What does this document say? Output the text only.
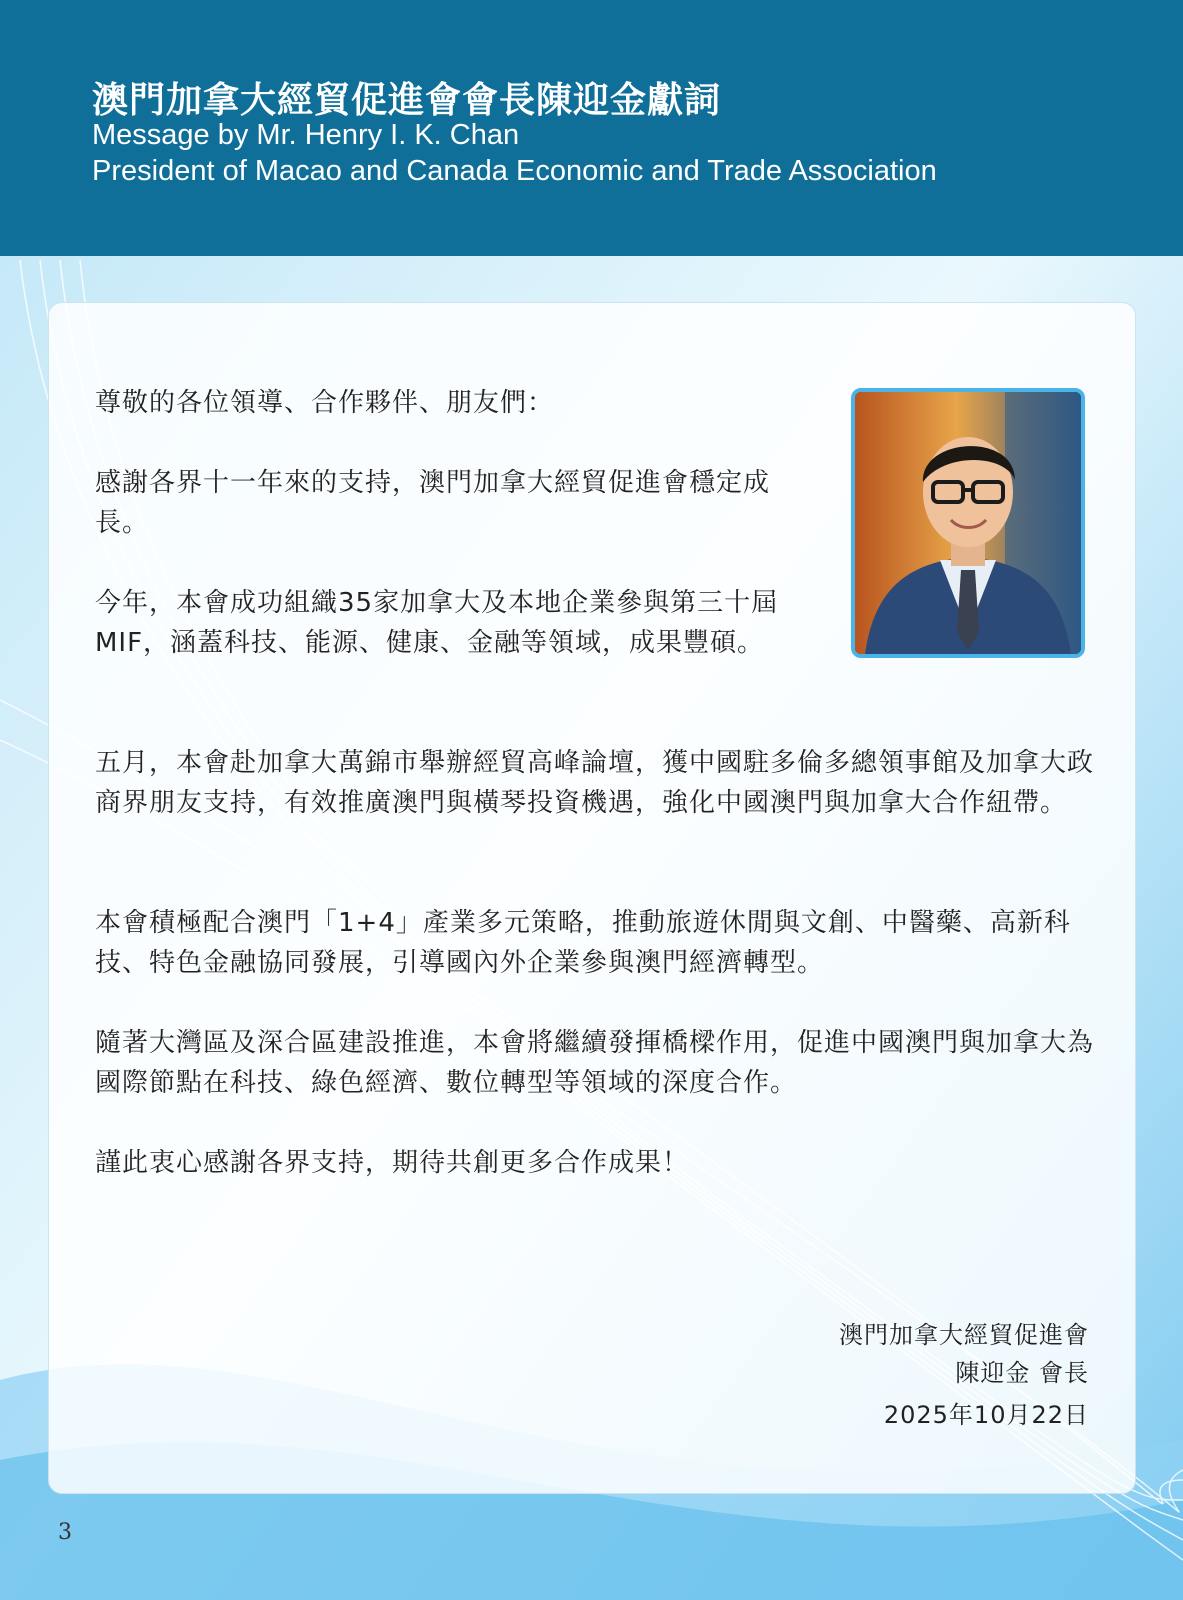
澳門加拿大經貿促進會會長陳迎金獻詞
Message by Mr. Henry I. K. Chan
President of Macao and Canada Economic and Trade Association

尊敬的各位領導、合作夥伴、朋友們：

感謝各界十一年來的支持，澳門加拿大經貿促進會穩定成長。

今年，本會成功組織35家加拿大及本地企業參與第三十屆MIF，涵蓋科技、能源、健康、金融等領域，成果豐碩。

五月，本會赴加拿大萬錦市舉辦經貿高峰論壇，獲中國駐多倫多總領事館及加拿大政商界朋友支持，有效推廣澳門與橫琴投資機遇，強化中國澳門與加拿大合作紐帶。

本會積極配合澳門「1+4」產業多元策略，推動旅遊休閒與文創、中醫藥、高新科技、特色金融協同發展，引導國內外企業參與澳門經濟轉型。

隨著大灣區及深合區建設推進，本會將繼續發揮橋樑作用，促進中國澳門與加拿大為國際節點在科技、綠色經濟、數位轉型等領域的深度合作。

謹此衷心感謝各界支持，期待共創更多合作成果！

澳門加拿大經貿促進會
陳迎金 會長
2025年10月22日
3
